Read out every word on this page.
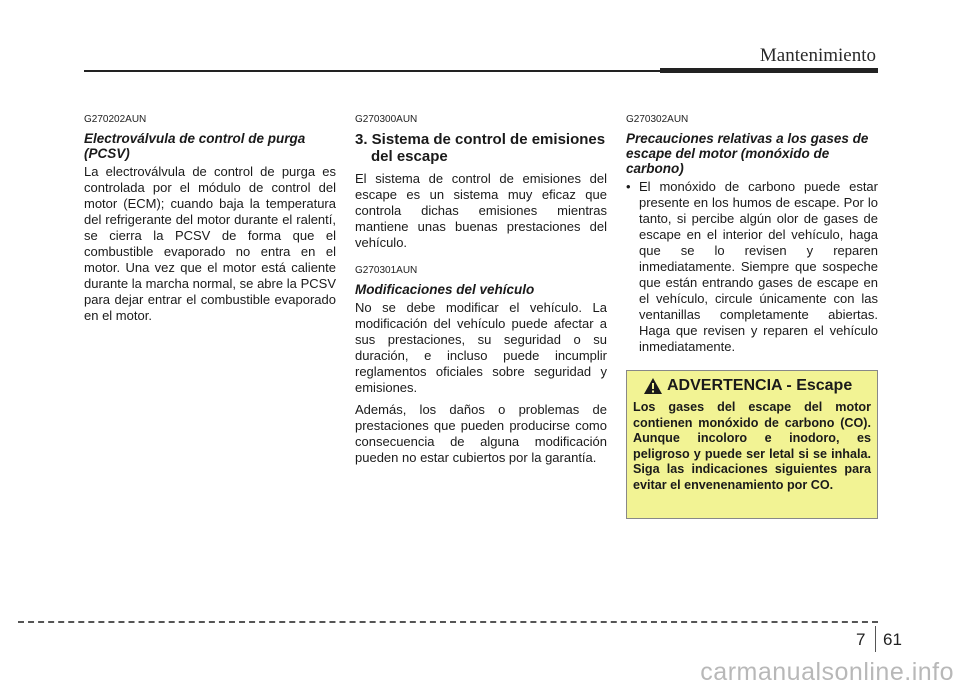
Mantenimiento
G270202AUN
Electroválvula de control de purga (PCSV)
La electroválvula de control de purga es controlada por el módulo de control del motor (ECM); cuando baja la temperatura del refrigerante del motor durante el ralentí, se cierra la PCSV de forma que el combustible evaporado no entra en el motor. Una vez que el motor está caliente durante la marcha normal, se abre la PCSV para dejar entrar el combustible evaporado en el motor.
G270300AUN
3. Sistema de control de emisiones del escape
El sistema de control de emisiones del escape es un sistema muy eficaz que controla dichas emisiones mientras mantiene unas buenas prestaciones del vehículo.
G270301AUN
Modificaciones del vehículo
No se debe modificar el vehículo. La modificación del vehículo puede afectar a sus prestaciones, su seguridad o su duración, e incluso puede incumplir reglamentos oficiales sobre seguridad y emisiones.
Además, los daños o problemas de prestaciones que pueden producirse como consecuencia de alguna modificación pueden no estar cubiertos por la garantía.
G270302AUN
Precauciones relativas a los gases de escape del motor (monóxido de carbono)
• El monóxido de carbono puede estar presente en los humos de escape. Por lo tanto, si percibe algún olor de gases de escape en el interior del vehículo, haga que se lo revisen y reparen inmediatamente. Siempre que sospeche que están entrando gases de escape en el vehículo, circule únicamente con las ventanillas completamente abiertas. Haga que revisen y reparen el vehículo inmediatamente.
ADVERTENCIA - Escape
Los gases del escape del motor contienen monóxido de carbono (CO). Aunque incoloro e inodoro, es peligroso y puede ser letal si se inhala. Siga las indicaciones siguientes para evitar el envenenamiento por CO.
7 61
carmanualsonline.info
